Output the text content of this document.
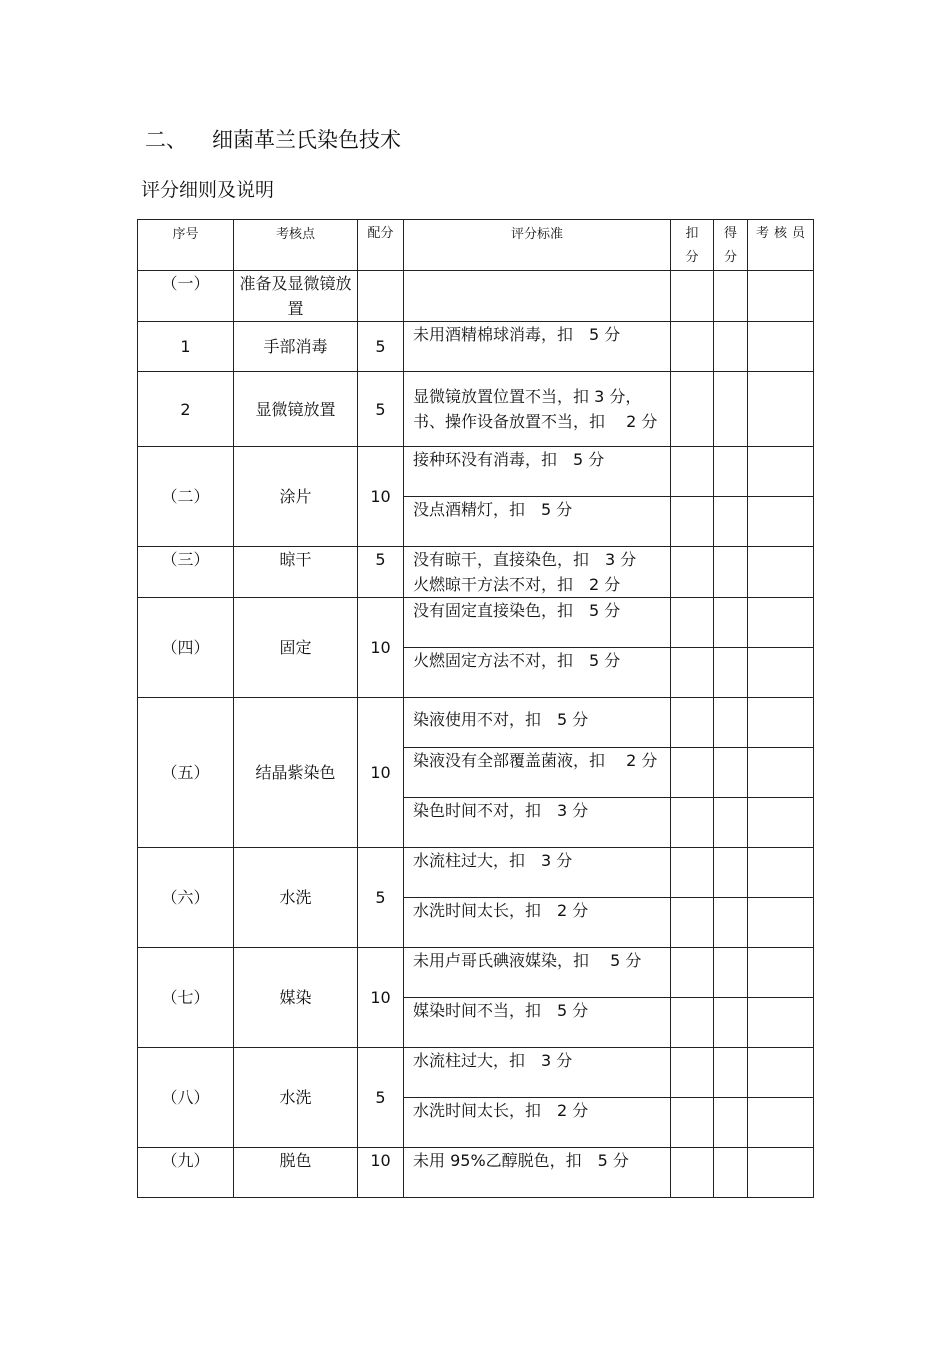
二、 细菌革兰氏染色技术
评分细则及说明
序号	考核点	配分	评分标准	扣分	得分	考 核 员
（一）	准备及显微镜放置					
1	手部消毒	5	未用酒精棉球消毒，扣　5 分			
2	显微镜放置	5	显微镜放置位置不当，扣 3 分，书、操作设备放置不当，扣　 2 分			
（二）	涂片	10	接种环没有消毒，扣　5 分			
			没点酒精灯，扣　5 分			
（三）	晾干	5	没有晾干，直接染色，扣　3 分
火燃晾干方法不对，扣　2 分			
（四）	固定	10	没有固定直接染色，扣　5 分			
			火燃固定方法不对，扣　5 分			
（五）	结晶紫染色	10	染液使用不对，扣　5 分			
			染液没有全部覆盖菌液，扣　 2 分			
			染色时间不对，扣　3 分			
（六）	水洗	5	水流柱过大，扣　3 分			
			水洗时间太长，扣　2 分			
（七）	媒染	10	未用卢哥氏碘液媒染，扣　 5 分			
			媒染时间不当，扣　5 分			
（八）	水洗	5	水流柱过大，扣　3 分			
			水洗时间太长，扣　2 分			
（九）	脱色	10	未用 95%乙醇脱色，扣　5 分			
